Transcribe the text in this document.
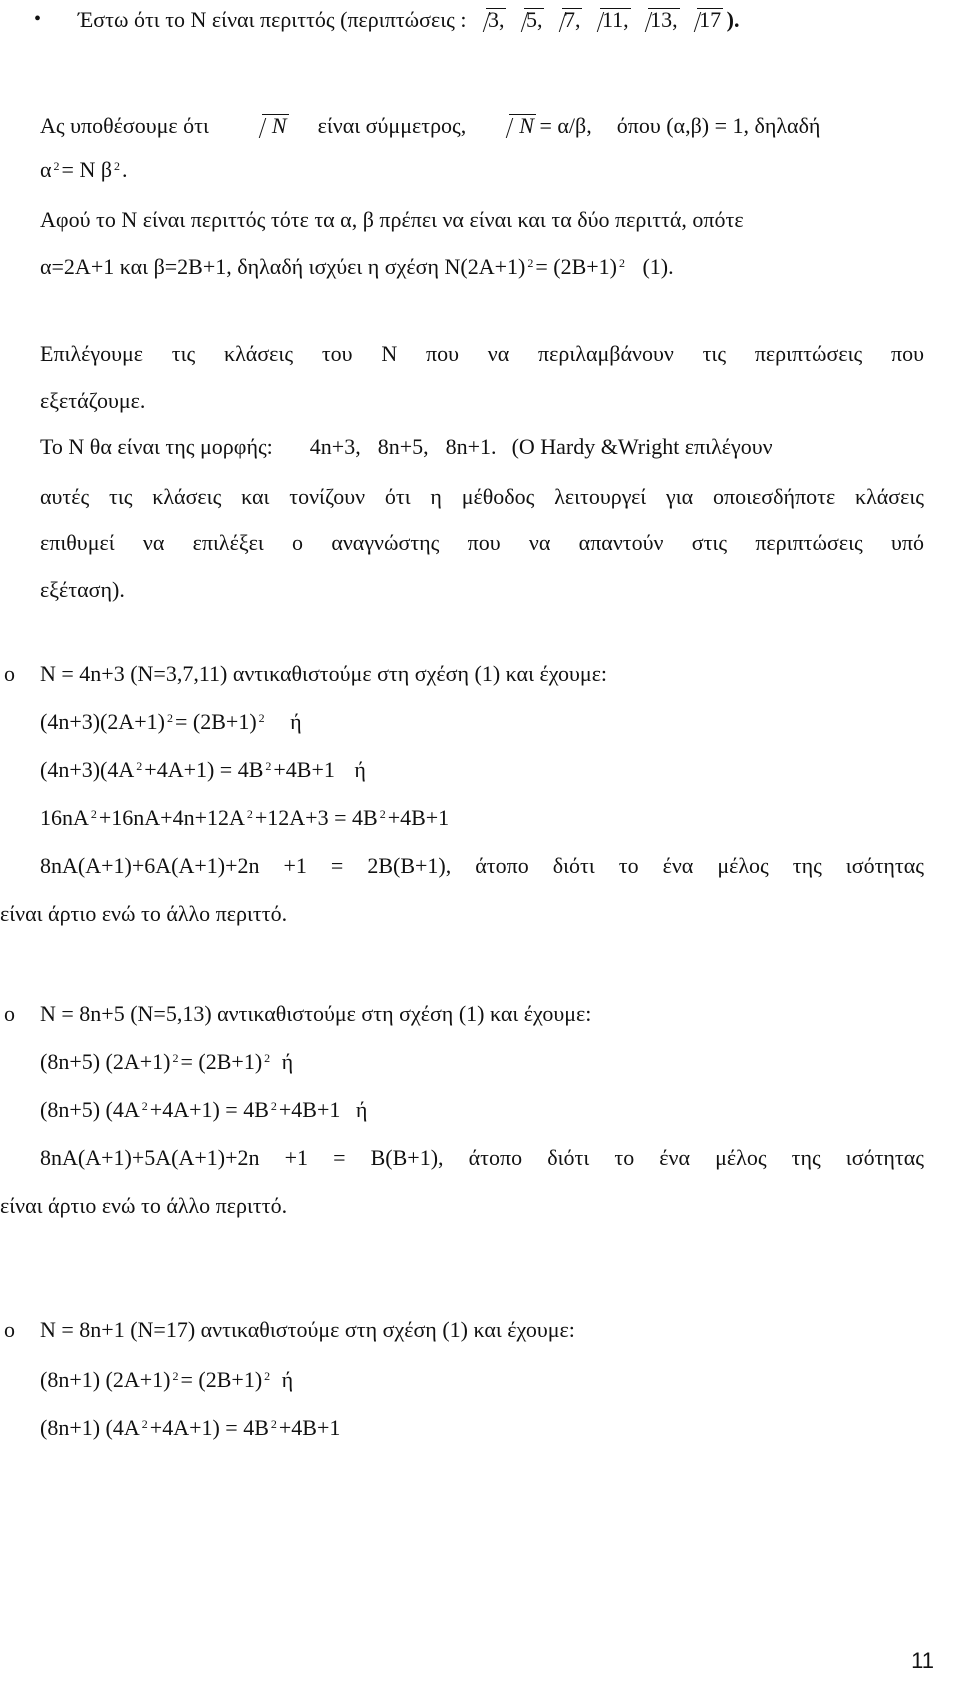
• Έστω ότι το Ν είναι περιττός (περιπτώσεις : 3, 5, 7, 11, 13, 17 ).
Ας υποθέσουμε ότι	N είναι σύμμετρος, N = α/β, όπου (α,β) = 1, δηλαδή
α $^2$= Ν β $^2$.
Αφού το Ν είναι περιττός τότε τα α, β πρέπει να είναι και τα δύο περιττά, οπότε
α=2Α+1 και β=2Β+1, δηλαδή ισχύει η σχέση Ν(2Α+1) $^2$= (2Β+1) $^2$ (1).
Επιλέγουμε τις κλάσεις του Ν που να περιλαμβάνουν τις περιπτώσεις που
εξετάζουμε.
Το Ν θα είναι της μορφής: 4n+3, 8n+5, 8n+1. (Ο Hardy &Wright επιλέγουν
αυτές τις κλάσεις και τονίζουν ότι η μέθοδος λειτουργεί για οποιεσδήποτε κλάσεις
επιθυμεί να επιλέξει ο αναγνώστης που να απαντούν στις περιπτώσεις υπό
εξέταση).
o Ν = 4n+3 (N=3,7,11) αντικαθιστούμε στη σχέση (1) και έχουμε:
(4n+3)(2A+1) $^2$= (2B+1) $^2$ ή
(4n+3)(4A $^2$+4A+1) = 4B $^2$+4B+1 ή
16nA $^2$+16nA+4n+12A $^2$+12A+3 = 4B $^2$+4B+1
8nA(A+1)+6A(A+1)+2n +1 = 2B(B+1), άτοπο διότι το ένα μέλος της ισότητας
είναι άρτιο ενώ το άλλο περιττό.
o Ν = 8n+5 (N=5,13) αντικαθιστούμε στη σχέση (1) και έχουμε:
(8n+5) (2A+1) $^2$= (2B+1) $^2$ ή
(8n+5) (4A $^2$+4A+1) = 4B $^2$+4B+1 ή
8nA(A+1)+5A(A+1)+2n +1 = B(B+1), άτοπο διότι το ένα μέλος της ισότητας
είναι άρτιο ενώ το άλλο περιττό.
o Ν = 8n+1 (N=17) αντικαθιστούμε στη σχέση (1) και έχουμε:
(8n+1) (2A+1) $^2$= (2B+1) $^2$ ή
(8n+1) (4A $^2$+4A+1) = 4B $^2$+4B+1
11
